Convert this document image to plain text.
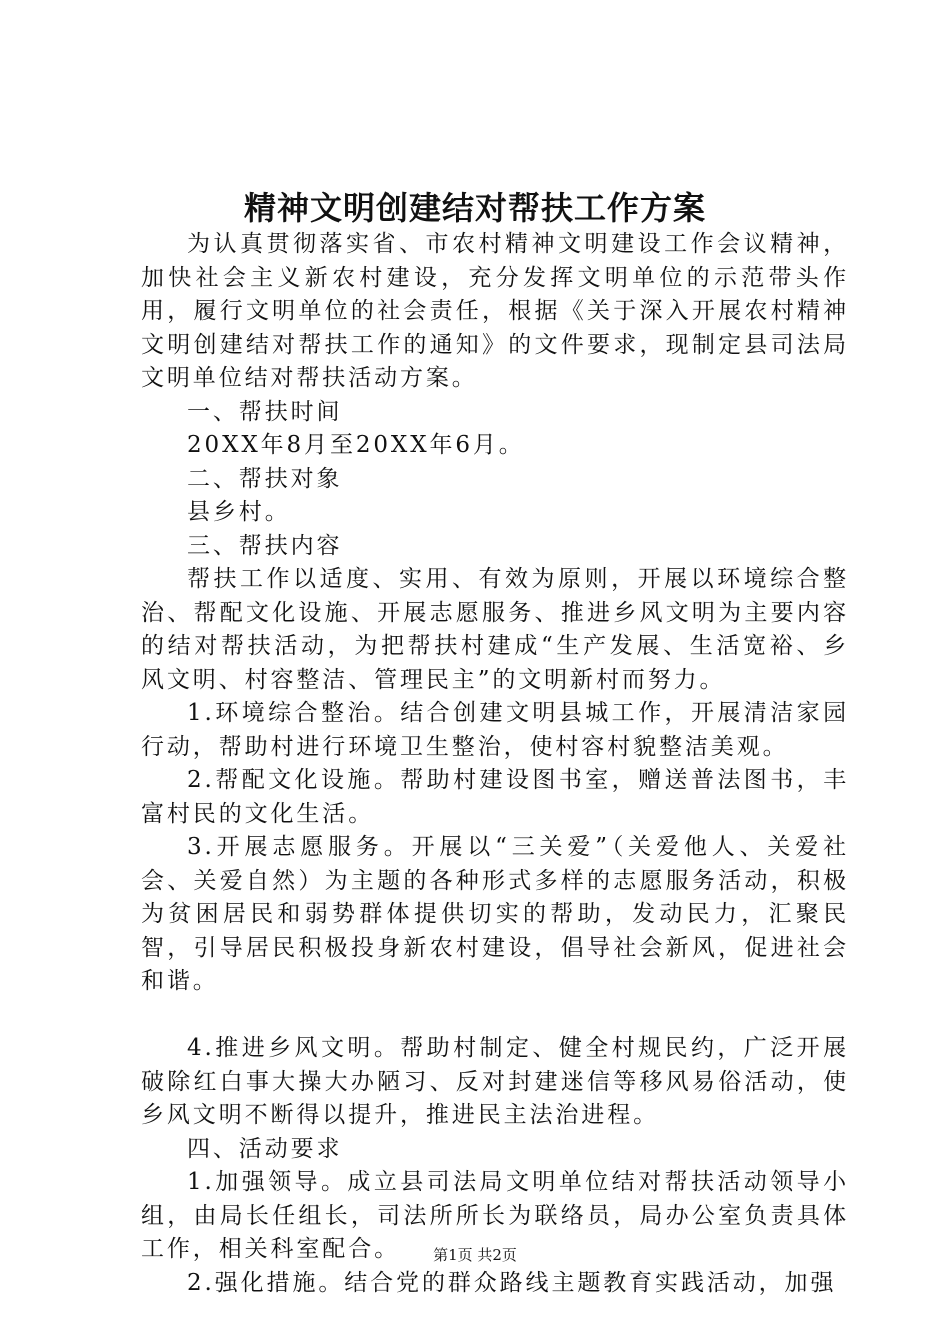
精神文明创建结对帮扶工作方案

为认真贯彻落实省、市农村精神文明建设工作会议精神，加快社会主义新农村建设，充分发挥文明单位的示范带头作用，履行文明单位的社会责任，根据《关于深入开展农村精神文明创建结对帮扶工作的通知》的文件要求，现制定县司法局文明单位结对帮扶活动方案。

一、帮扶时间

20XX年8月至20XX年6月。

二、帮扶对象

县乡村。

三、帮扶内容

帮扶工作以适度、实用、有效为原则，开展以环境综合整治、帮配文化设施、开展志愿服务、推进乡风文明为主要内容的结对帮扶活动，为把帮扶村建成“生产发展、生活宽裕、乡风文明、村容整洁、管理民主”的文明新村而努力。

1.环境综合整治。结合创建文明县城工作，开展清洁家园行动，帮助村进行环境卫生整治，使村容村貌整洁美观。

2.帮配文化设施。帮助村建设图书室，赠送普法图书，丰富村民的文化生活。

3.开展志愿服务。开展以“三关爱”（关爱他人、关爱社会、关爱自然）为主题的各种形式多样的志愿服务活动，积极为贫困居民和弱势群体提供切实的帮助，发动民力，汇聚民智，引导居民积极投身新农村建设，倡导社会新风，促进社会和谐。

4.推进乡风文明。帮助村制定、健全村规民约，广泛开展破除红白事大操大办陋习、反对封建迷信等移风易俗活动，使乡风文明不断得以提升，推进民主法治进程。

四、活动要求

1.加强领导。成立县司法局文明单位结对帮扶活动领导小组，由局长任组长，司法所所长为联络员，局办公室负责具体工作，相关科室配合。

2.强化措施。结合党的群众路线主题教育实践活动，加强

第1页 共2页
